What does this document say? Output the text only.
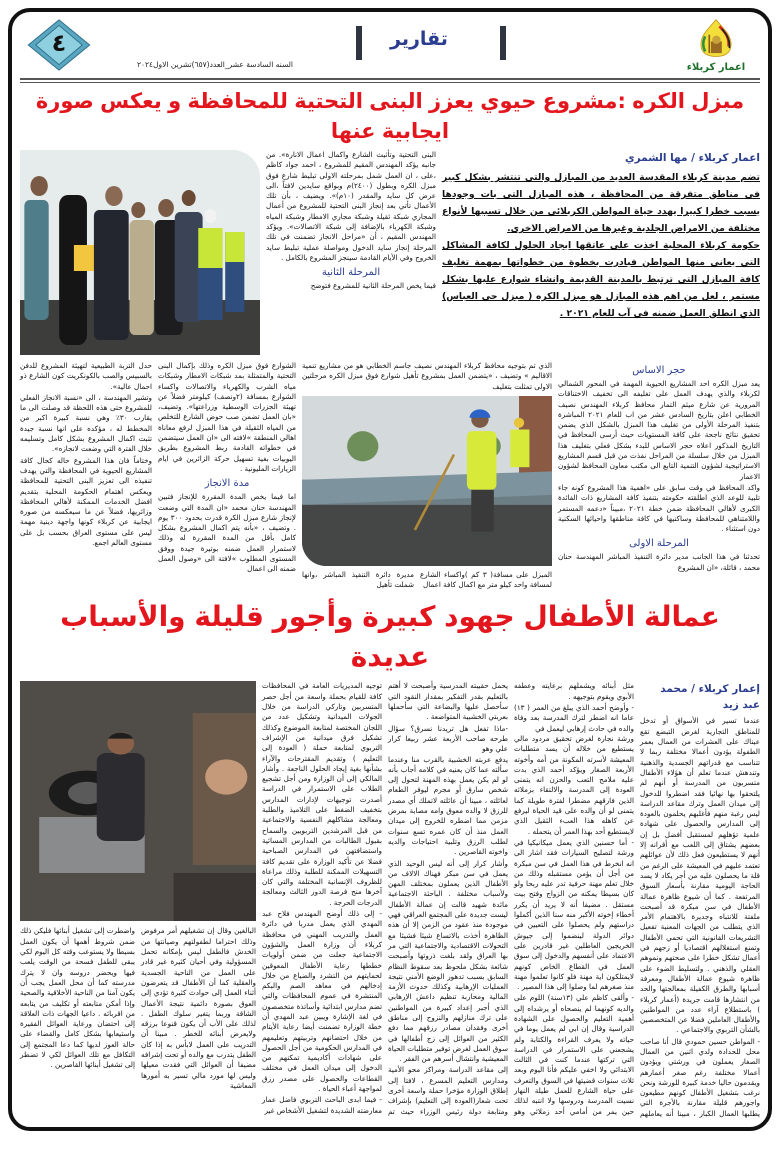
اعمار كربلاء
تقارير
السنه السادسة عشر_العدد(٦٥٧)تشرين الاول٢٠٢٤
٤
مبزل الكره :مشروع حيوي يعزز البنى التحتية للمحافظة و يعكس صورة ايجابية عنها
اعمار كربلاء / مها الشمري

تضم مدينة كربلاء المقدسة العديد من المبازل والتي تنتشر بشكل كبير في مناطق متفرقة من المحافظة ، هذه المبازل التي بات وجودها يسبب خطرا كبيرا يهدد حياة المواطن الكربلائي من خلال تسببها لأنواع مختلفة من الامراض الجلدية وغيرها من الامراض الاخرى.

حكومة كربلاء المحلية اخذت على عاتقها ايجاد الحلول لكافة المشاكل التي يعاني منها المواطن فبادرت بخطوة من خطواتها بمهمة تغليف كافة المبازل التي ترتبط بالمدينة القديمة وانشاء شوارع عليها بشكل مستمر ، لعل من اهم هذه المبازل هو مبزل الكره ( مبزل حي العباس) الذي انطلق العمل ضمنه في آب للعام ٢٠٢١ .

البنى التحتية وتأثيث الشارع واكمال اعمال الانارة». من جانبه يؤكد المهندس المقيم للمشروع ، احمد جواد كاظم ،على ، ان العمل شمل بمرحلته الاولى تبليط شارع فوق مبزل الكره وبطول (٢٤٠٠)م وبواقع سايدين لافتاً ،الى عرض كل سايد والمقدر (١٠م)». ويضيف ، بأن تلك الأعمال تأتي بعد إنجاز البنى التحتية للمشروع من أعمال المجاري شبكة ثقيلة وشبكة مجاري الامطار وشبكة المياه وشبكة الكهرباء بالإضافة إلى شبكة الاتصالات». ويؤكد المهندس المقيم ، أن «مراحل الانجاز تضمنت في تلك المرحلة إنجاز سايد الدخول ومواصلة عملية تبليط سايد الخروج وفي الأيام القادمة سينجز المشروع بالكامل .

المرحلة الثانية

فيما يخص المرحلة الثانية للمشروع فتوضح

حجر الاساس

يعد مبزل الكره احد المشاريع الحيوية المهمة في المحور الشمالي لكربلاء والذي يهدف العمل على تغليفه الى تخفيف الاختناقات المرورية عن شارع ميثم التمار محافظ كربلاء المهندس نصيف الخطابي اعلن بتاريخ السادس عشر من اب للعام ٢٠٢١ المباشرة بتنفيذ المرحلة الأولى من تغليف هذا المبزل بالشكل الذي يضمن تحقيق نتائج ناجحة على كافة المستويات حيث أرسى المحافظ في التاريخ المذكور اعلاه حجر الاساس للبدء بشكل فعلي بتغليف هذا المبزل من خلال سلسلة من المراحل نفذت من قبل قسم المشاريع الاستراتيجية لشؤون التنمية التابع الى مكتب معاون المحافظ لشؤون الاعمار

واكد المحافظ في وقت سابق على «اهمية هذا المشروع كونه جاء تلبية للوعد الذي اطلقته حكومته بتنفيذ كافة المشاريع ذات الفائدة الكبرى لأهالي المحافظة ضمن خطة ٢٠٢١ ،مبيناً «دعمه المستمر واللامتناهي للمحافظة وساكنيها في كافة مناطقها واحيائها السكنية دون استثناء .

المرحلة الاولى

تحدثنا في هذا الجانب مدير دائرة التنفيذ المباشر المهندسة حنان محمد ، قائلة، «ان المشروع

الذي تم بتوجيه محافظ كربلاء المهندس نصيف جاسم الخطابي هو من مشاريع تنمية الاقاليم » وتضيف ، «يتضمن العمل بمشروع تأهيل شوارع فوق مبزل الكره مرحلتين الاولى تمثلت بتغليف

المبزل على مسافة( ٣ كم )واكساء الشارع لمسافة واحد كيلو متر مع اكمال كافة اعمال

مديرة دائرة التنفيذ المباشر ،وانها شملت تأهيل

الشوارع فوق مبزل الكره وذلك بإكمال البنى التحتية والمتمثلة بمد شبكات الامطار وشبكات مياه الشرب والكهرباء والاتصالات واكساء الشوارع بمسافة (٢ونصف) كيلومتر فضلاً عن تهيئة الجزرات الوسطية وزراعتها». وتضيف، «بان العمل تضمن صب حوض الشارع للتخلص من المياه الثقيلة في هذا المبزل لرفع معاناة اهالي المنطقة »لافته الى «ان العمل سيتضمن في خطواته القادمة ربط المشروع بطريق اليوبيات بغية تسهيل حركة الزائرين في ايام الزيارات المليونية .

مدة الانجاز

اما فيما يخص المدة المقررة للإنجاز فتبين المهندسة حنان محمد «ان المدة التي وضعت لإنجاز شارع مبزل الكرة قدرت بحدود ٣٠٠ يوم . وتضيف ، «بأنه يتم اكمال المشروع بشكل كامل بأقل من المدة المقررة له وذلك لاستمرار العمل ضمنه بوتيرة جيدة ووفق المستوى المطلوب »لافتة الى «وصول العمل ضمنه الى اعمال

حدل التربة الطبيعية لتهيئة المشروع للدفن بالسبيس والصب بالكونكريت كون الشارع ذو احمال عالية».

وتشير المهندسة ، الى «نسبة الانجاز الفعلي للمشروع حتى هذه اللحظة قد وصلت الى ما يقارب ٣٠٪ وهي نسبة كبيرة اكبر من المخطط له ، مؤكده على انها نسبة جيدة تثبت اكمال المشروع بشكل كامل وتسليمه خلال الفترة التي وضعت لانجازه».

وختاماً فان هذا المشروع حاله كحال كافة المشاريع الحيوية في المحافظة والتي يهدف تنفيذه الى تعزيز البنى التحتية للمحافظة ويعكس اهتمام الحكومة المحلية بتقديم افضل الخدمات الممكنة لأهالي المحافظة وزائريها، فضلاً عن ما سيعكسه من صورة ايجابية عن كربلاء كونها واجهة دينية مهمة ليس على مستوى العراق بحسب بل على مستوى العالم اجمع.

عمالة الأطفال جهود كبيرة وأجور قليلة والأسباب عديدة
إعمار كربلاء / محمد عبد زيد

عندما تسير في الأسواق أو تدخل للمناطق التجارية لغرض التبضع تقع عيناك على العشرات من العمال بعمر الطفولة يؤدون أعمالا مختلفة ربما لا تتناسب مع قدراتهم الجسدية والذهنية وتندهش عندما تعلم أن هؤلاء الأطفال متسربون من المدرسة أو أنهم لم يلتحقوا بها نهائيا فقد اضطروا للدخول إلى ميدان العمل وترك مقاعد الدراسة ليس رغبة منهم فأغلبهم يحلمون بالعودة إلى المدارس والحصول على شهادة علمية تؤهلهم لمستقبل أفضل بل إن بعضهم يشتاق إلى اللعب مع أقرانه إلا أنهم لا يستطيعون فعل ذلك لأن عوائلهم تعتمد عليهم في المعيشة على الرغم من قلة ما يحصلون عليه من أجر يكاد لا يسد الحاجة اليومية مقارنة بأسعار السوق المرتفعة . كما أن شيوع ظاهرة عمالة الأطفال في سن مبكرة قد أصبحت ملفتة للانتباه وجديرة بالاهتمام الأمر الذي يتطلب من الجهات المعنية تفعيل التشريعات القانونية التي تحمي الأطفال وتمنع استغلالهم اقتصاديا أو زجهم في أعمال تشكل خطرا على صحتهم ونموهم العقلي والذهني . ولتسليط الضوء على ظاهرة شيوع عمالة الأطفال ومعرفة أسبابها والطرق الكفيلة بمعالجتها والحد من انتشارها قامت جريدة (أعمار كربلاء ) باستطلاع آراء عدد من المواطنين والأطفال العاملين فضلا عن المتخصصين بالشأن التربوي والاجتماعي .

- المواطن حسين حمودي قال أنا صاحب محل للحدادة ولدي اثنين من العمال الصغار يعملون في ورشتي ويؤدون أعمالا مختلفة رغم صغر أعمارهم ويقدمون حاليا خدمة كبيرة للورشة ونحن نرغب بتشغيل الأطفال كونهم مطيعون واجورهم قليلة مقارنة بالأجرة التي يطلبها العمال الكبار ، مبينا أنه يعاملهم مثل أبنائه ويشملهم برعايته وعطفه الأبوي ويقوم بتوجيهه .

- وأوضح أحمد الذي يبلغ من العمر ( ١٣) عاما انه اضطر لترك المدرسة بعد وفاة والده في حادث إرهابي ليعمل في

ورشة نجارة لغرض تحقيق مردود مالي يستطيع من خلاله أن يسد متطلبات المعيشة لأسرته المكونة من أمه وأخوته الأربعة الصغار ويؤكد أحمد الذي بدت عليه ملامح التعب والحزن انه يتمنى العودة إلى المدرسة والالتقاء بزملائه الذين فارقهم مضطرا لفترة طويلة كما يتمنى لو أن والده على قيد الحياة ليرفع عن كاهله هذا العبء الثقيل الذي لايستطيع أحد بهذا العمر أن يتحمله .

- أما حسنين الذي يعمل ميكانيكيا في ورشة لتصليح السيارات فقد اشار الى انه انخرط في هذا العمل في سن مبكرة من أجل أن يؤمن مستقبله وذلك من خلال تعلم مهنة حرفية تدر عليه ربحا ولو كان بسيطا يمكنه من الزواج وفتح بيت مستقل . مضيفا أنه لا يريد أن يكرر أخطاء إخوته الأكبر منه سنا الذين أكملوا دراستهم ولم يحصلوا على التعيين في دوائر الدولة لينضموا إلى جيوش الخريجين العاطلين غير قادرين على الاعتماد على أنفسهم والدخول إلى سوق العمل في القطاع الخاص كونهم لايمتلكون اية مهنة فلو كانوا تعلموا مهنة منذ صغرهم لما وصلوا إلى هذا المصير .

- وألقى كاظم علي (١٣سنة) اللوم على والديه كونهما لم ينصحاه أو يرشداه إلى أهمية التعليم والحصول على الشهادة الدراسية وقال إن ابي لم يعمل يوما في حياته ولا يعرف القراءة والكتابة ولم يشجعني على الاستمرار في الدراسة التي تركتها عندما كنت في الثالث الابتدائي ولا اخفي عليكم فأنا اليوم وبعد ثلاث سنوات قضيتها في السوق والتعرف على حياة الشارع للعمل طيلة النهار نسيت المدرسة ودروسها ولا انتبه لذلك حين يمر من أمامي أحد زملائي وهو يحمل حقيبته المدرسية وأصبحت لا أهتم بالتعليم بقدر التفكير بمقدار النقود التي سأحصل عليها والبضاعة التي سأحملها بعربتي الخشبية المتواضعة .

-ماذا تفعل هل تريدنا نسرق؟ سؤال طرحه صاحب الأربعة عشر ربيعا كرار علي وهو

يدفع عربته الخشبية بالقرب منا وعندما سألته عما كان يعنيه في كلامه أجاب بأنه لو لم يكن يعمل بهذه المهنة لتحول إلى شخص سارق أو مجرم ليوفر الطعام لعائلته ، مبينا أن عائلته لاتملك أي مصدر للرزق لا والده معوق وامه مصابة بمرض مزمن مما اضطره للخروج إلى ميدان العمل منذ أن كان عمره تسع سنوات لطلب الرزق وتلبية احتياجات والديه واخوته القاصرين .

وأشار كرار إلى أنه ليس الوحيد الذي يعمل في سن مبكر فهناك الالاف من الأطفال الذين يعملون بمختلف المهن ولأسباب مختلفة . الباحثة الاجتماعية مائدة شهيد قالت إن عمالة الأطفال ليست جديدة على المجتمع العراقي فهي موجودة منذ عقود من الزمن إلا أن هذه الظاهرة أخذت بالاتساع شيئا فشيئا مع التحولات الاقتصادية والاجتماعية التي مر بها العراق ولقد بلغت ذروتها وأصبحت شائعة بشكل ملحوظ بعد سقوط النظام السابق بسبب تدهور الوضع الأمني نتيجة العمليات الإرهابية وكذلك حدوث الأزمة المالية ومحاربة تنظيم داعش الإرهابي الذي أجبر إعداد كبيرة من المواطنين على ترك منازلهم والنزوح إلى مناطق أخرى وفقدان مصادر رزقهم مما دفع الكثير من العوائل إلى زج أطفالها في سوق العمل لغرض توفير متطلبات الحياة المعيشية وانتشال أسرهم من الفقر .

إلى مقاعد الدراسة ومراكز محو الأمية ومدارس التعليم المسرع ، لافتا إلى إطلاق الوزارة مؤخرا حملة واسعة أخرى تحت شعار(العودة إلى التعليم) بإشراف ومتابعة دولة رئيس الوزراء حيث تم توجيه المديريات العامة في المحافظات كافة للقيام بحملة واسعة من أجل حصر المتسربين وتاركي الدراسة من خلال الجولات الميدانية وتشكيل عدد من اللجان المختصة لمتابعة الموضوع وكذلك تشكيل فرق ميدانية من الإشراف التربوي لمتابعة حملة ( العودة إلى التعليم ) وتقديم المقترحات والآراء بشأنها بغية إيجاد الحلول الناجعة . وأشار المالكي إلى أن الوزارة ومن أجل تشجيع الطلاب على الاستمرار في الدراسة أصدرت توجيهات لإدارات المدارس بتخفيف الضغط على التلاميذ والطلبة ومعالجة مشاكلهم النفسية والاجتماعية من قبل المرشدين التربويين والسماح بقبول الطالبات من المدارس المسائية واستضافتهن في المدارس الصباحية فضلا عن تأكيد الوزارة على تقديم كافة التسهيلات الممكنة للطلبة وذلك مراعاة للظروف الإنسانية المختلفة والتي كان آخرها منح فرصة الدور الثالث ومعالجة الدرجات الحرجة .

- إلى ذلك أوضح المهندس فلاح عبد المهدي الذي يعمل مدربا في دائرة العمل والتدريب المهني في محافظة كربلاء أن وزارة العمل والشؤون الاجتماعية جعلت من ضمن أولويات خططها رعاية الأطفال المعوقين لحمايتهم من التشرد والضياع من خلال إدخالهم في معاهد الصم والبكم المنتشرة في عموم المحافظات والتي تضم مدارس ابتدائية وأساتذة متخصصون في لغة الإشارة ويبين عبد المهدي أن خطة الوزارة تضمنت أيضا رعاية الأيتام من خلال احتضانهم وتربيتهم وتعليمهم في المدارس الحكومية من أجل الحصول على شهادات أكاديمية تمكنهم من الدخول إلى ميدان العمل في مختلف القطاعات والحصول على مصدر رزق لمواجهة أعباء الحياة .

- فيما ابدى الباحث التربوي فاضل عمار معارضته الشديدة لتشغيل الأشخاص غير

البالغين وقال إن تشغيلهم أمر مرفوض وذلك احتراما لطفولتهم وصيانتها من الخدش فالطفل ليس بإمكانه تحمل المسؤولية وفي أحيان كثيرة غير قادر على العمل من الناحية الجسدية والعقلية كما أن الأطفال قد يتعرضون أثناء العمل إلى حوادث كثيرة تؤدي إلى العوق بصورة دائمية نتيجة الأعمال الشاقة وربما يتغير سلوك الطفل . لذلك على الأب أن يكون قنوعا برزقه ولايعرض أبنائه للخطر . مبينا أن التدريب على العمل لابأس به إذا كان الطفل يتدرب مع والده أو تحت إشرافه مضيفا أن العوائل التي فقدت معيلها وليس لها مورد مالي تسير به أمورها المعاشية

واضطرت إلى تشغيل أبنائها فليكن ذلك ضمن شروط أهمها أن يكون العمل بسيطا ولا يستوعب وقته كل اليوم لكي يبقى للطفل فسحة من الوقت يلعب فيها ويحضر دروسه وان لا يترك مدرسته كما أن محل العمل يجب أن يكون آمنا من الناحية الأخلاقية والصحية وإذا أمكن متابعته أو تكليف من يتابعه من اقربائه . داعيا الجهات ذات العلاقة إلى احتضان ورعاية العوائل الفقيرة واستيعابها بشكل كامل والقضاء على حالة العوز لديها كما دعا المجتمع إلى التكافل مع تلك العوائل لكي لا تضطر إلى تشغيل أبنائها القاصرين .
